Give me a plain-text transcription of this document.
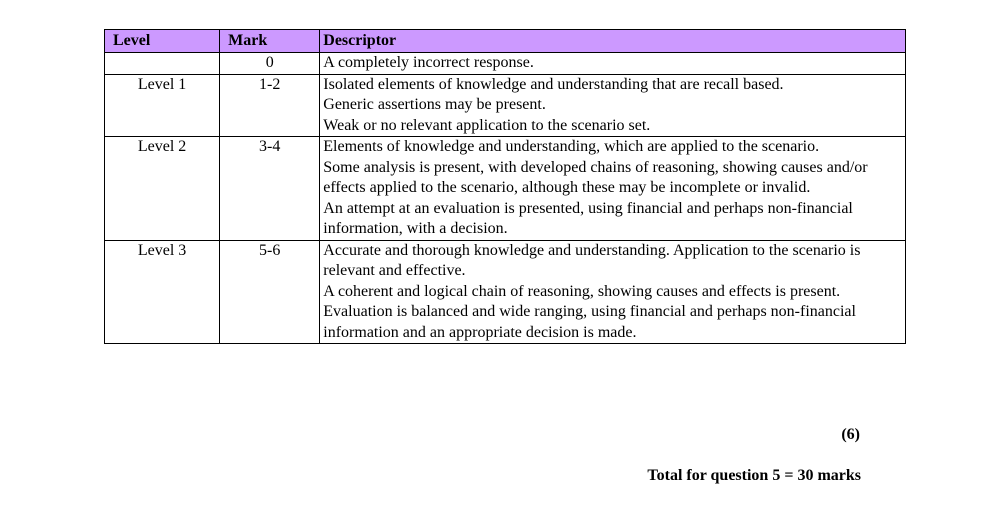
Level	Mark	Descriptor
	0	A completely incorrect response.

Level 1	1-2	Isolated elements of knowledge and understanding that are recall based.
Generic assertions may be present.
Weak or no relevant application to the scenario set.

Level 2	3-4	Elements of knowledge and understanding, which are applied to the scenario.
Some analysis is present, with developed chains of reasoning, showing causes and/or effects applied to the scenario, although these may be incomplete or invalid.
An attempt at an evaluation is presented, using financial and perhaps non-financial information, with a decision.

Level 3	5-6	Accurate and thorough knowledge and understanding. Application to the scenario is relevant and effective.
A coherent and logical chain of reasoning, showing causes and effects is present.
Evaluation is balanced and wide ranging, using financial and perhaps non-financial information and an appropriate decision is made.
(6)
Total for question 5 = 30 marks
